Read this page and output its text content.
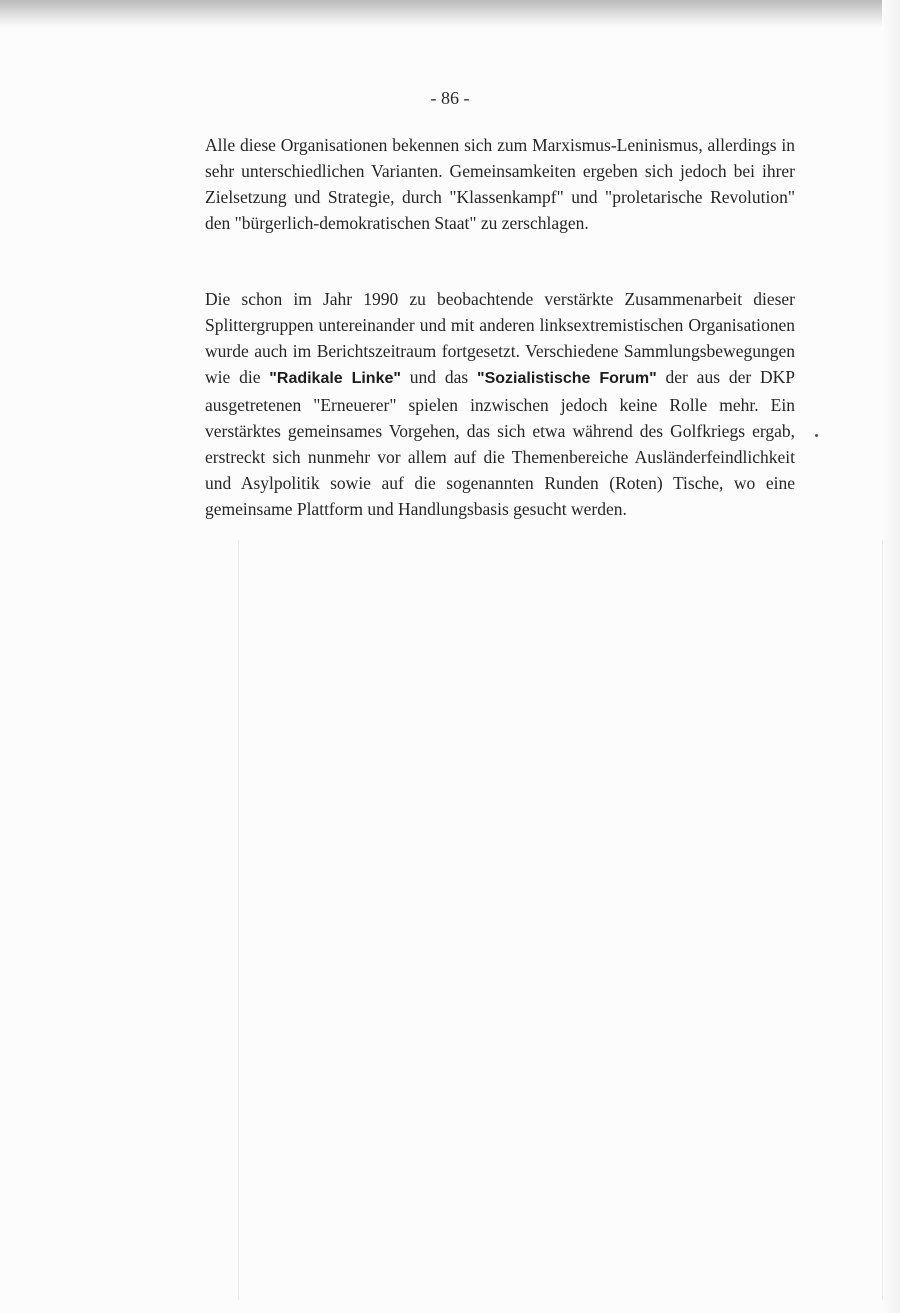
- 86 -

Alle diese Organisationen bekennen sich zum Marxismus-Leninismus, allerdings in sehr unterschiedlichen Varianten. Gemeinsamkeiten ergeben sich jedoch bei ihrer Zielsetzung und Strategie, durch "Klassenkampf" und "proletarische Revolution" den "bürgerlich-demokratischen Staat" zu zerschlagen.

Die schon im Jahr 1990 zu beobachtende verstärkte Zusammenarbeit dieser Splittergruppen untereinander und mit anderen linksextremistischen Organisationen wurde auch im Berichtszeitraum fortgesetzt. Verschiedene Sammlungsbewegungen wie die "Radikale Linke" und das "Sozialistische Forum" der aus der DKP ausgetretenen "Erneuerer" spielen inzwischen jedoch keine Rolle mehr. Ein verstärktes gemeinsames Vorgehen, das sich etwa während des Golfkriegs ergab, erstreckt sich nunmehr vor allem auf die Themenbereiche Ausländerfeindlichkeit und Asylpolitik sowie auf die sogenannten Runden (Roten) Tische, wo eine gemeinsame Plattform und Handlungsbasis gesucht werden.
